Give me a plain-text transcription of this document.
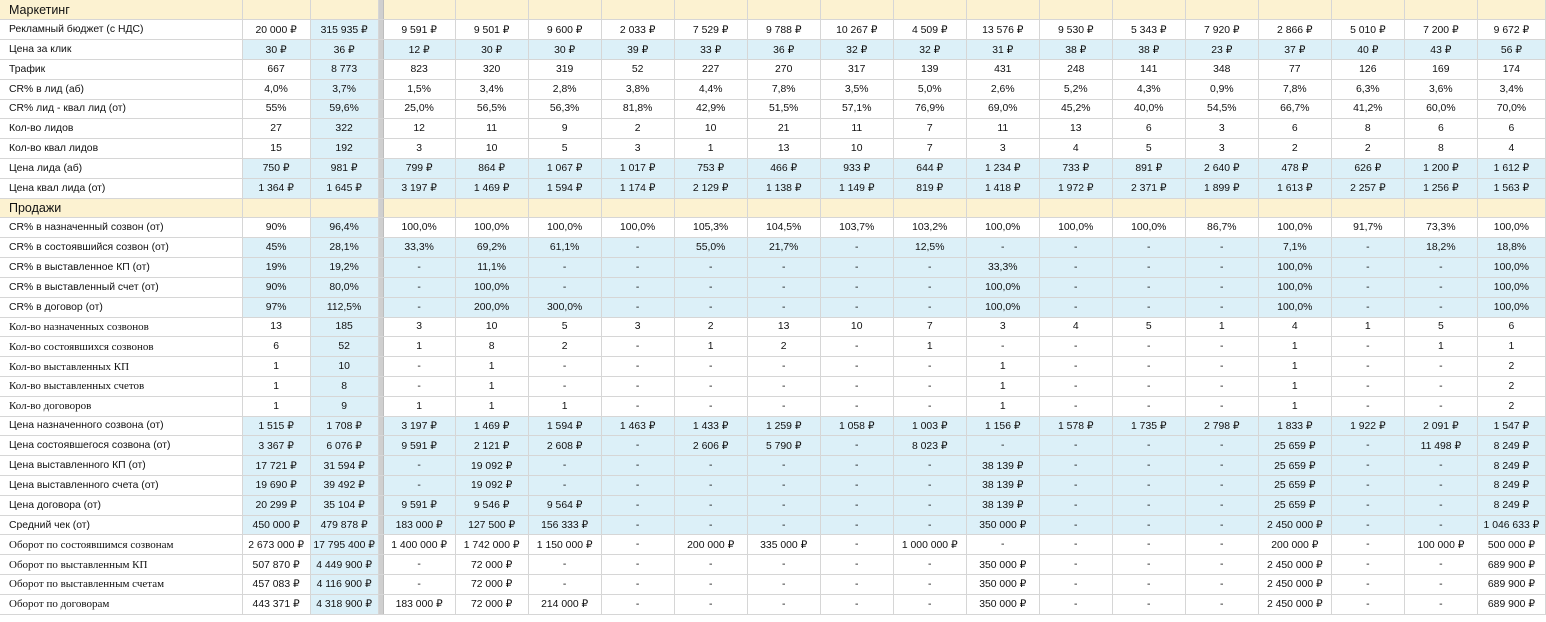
Маркетинг																			
Рекламный бюджет (с НДС)	20 000 ₽	315 935 ₽		9 591 ₽	9 501 ₽	9 600 ₽	2 033 ₽	7 529 ₽	9 788 ₽	10 267 ₽	4 509 ₽	13 576 ₽	9 530 ₽	5 343 ₽	7 920 ₽	2 866 ₽	5 010 ₽	7 200 ₽	9 672 ₽
Цена за клик	30 ₽	36 ₽		12 ₽	30 ₽	30 ₽	39 ₽	33 ₽	36 ₽	32 ₽	32 ₽	31 ₽	38 ₽	38 ₽	23 ₽	37 ₽	40 ₽	43 ₽	56 ₽
Трафик	667	8 773		823	320	319	52	227	270	317	139	431	248	141	348	77	126	169	174
CR% в лид (аб)	4,0%	3,7%		1,5%	3,4%	2,8%	3,8%	4,4%	7,8%	3,5%	5,0%	2,6%	5,2%	4,3%	0,9%	7,8%	6,3%	3,6%	3,4%
CR% лид - квал лид (от)	55%	59,6%		25,0%	56,5%	56,3%	81,8%	42,9%	51,5%	57,1%	76,9%	69,0%	45,2%	40,0%	54,5%	66,7%	41,2%	60,0%	70,0%
Кол-во лидов	27	322		12	11	9	2	10	21	11	7	11	13	6	3	6	8	6	6
Кол-во квал лидов	15	192		3	10	5	3	1	13	10	7	3	4	5	3	2	2	8	4
Цена лида (аб)	750 ₽	981 ₽		799 ₽	864 ₽	1 067 ₽	1 017 ₽	753 ₽	466 ₽	933 ₽	644 ₽	1 234 ₽	733 ₽	891 ₽	2 640 ₽	478 ₽	626 ₽	1 200 ₽	1 612 ₽
Цена квал лида (от)	1 364 ₽	1 645 ₽		3 197 ₽	1 469 ₽	1 594 ₽	1 174 ₽	2 129 ₽	1 138 ₽	1 149 ₽	819 ₽	1 418 ₽	1 972 ₽	2 371 ₽	1 899 ₽	1 613 ₽	2 257 ₽	1 256 ₽	1 563 ₽
Продажи																			
CR% в назначенный созвон (от)	90%	96,4%		100,0%	100,0%	100,0%	100,0%	105,3%	104,5%	103,7%	103,2%	100,0%	100,0%	100,0%	86,7%	100,0%	91,7%	73,3%	100,0%
CR% в состоявшийся созвон (от)	45%	28,1%		33,3%	69,2%	61,1%	-	55,0%	21,7%	-	12,5%	-	-	-	-	7,1%	-	18,2%	18,8%
CR% в выставленное КП (от)	19%	19,2%		-	11,1%	-	-	-	-	-	-	33,3%	-	-	-	100,0%	-	-	100,0%
CR% в выставленный счет (от)	90%	80,0%		-	100,0%	-	-	-	-	-	-	100,0%	-	-	-	100,0%	-	-	100,0%
CR% в договор (от)	97%	112,5%		-	200,0%	300,0%	-	-	-	-	-	100,0%	-	-	-	100,0%	-	-	100,0%
Кол-во назначенных созвонов	13	185		3	10	5	3	2	13	10	7	3	4	5	1	4	1	5	6
Кол-во состоявшихся созвонов	6	52		1	8	2	-	1	2	-	1	-	-	-	-	1	-	1	1
Кол-во выставленных КП	1	10		-	1	-	-	-	-	-	-	1	-	-	-	1	-	-	2
Кол-во выставленных счетов	1	8		-	1	-	-	-	-	-	-	1	-	-	-	1	-	-	2
Кол-во договоров	1	9		1	1	1	-	-	-	-	-	1	-	-	-	1	-	-	2
Цена назначенного созвона (от)	1 515 ₽	1 708 ₽		3 197 ₽	1 469 ₽	1 594 ₽	1 463 ₽	1 433 ₽	1 259 ₽	1 058 ₽	1 003 ₽	1 156 ₽	1 578 ₽	1 735 ₽	2 798 ₽	1 833 ₽	1 922 ₽	2 091 ₽	1 547 ₽
Цена состоявшегося созвона (от)	3 367 ₽	6 076 ₽		9 591 ₽	2 121 ₽	2 608 ₽	-	2 606 ₽	5 790 ₽	-	8 023 ₽	-	-	-	-	25 659 ₽	-	11 498 ₽	8 249 ₽
Цена выставленного КП (от)	17 721 ₽	31 594 ₽		-	19 092 ₽	-	-	-	-	-	-	38 139 ₽	-	-	-	25 659 ₽	-	-	8 249 ₽
Цена выставленного счета (от)	19 690 ₽	39 492 ₽		-	19 092 ₽	-	-	-	-	-	-	38 139 ₽	-	-	-	25 659 ₽	-	-	8 249 ₽
Цена договора (от)	20 299 ₽	35 104 ₽		9 591 ₽	9 546 ₽	9 564 ₽	-	-	-	-	-	38 139 ₽	-	-	-	25 659 ₽	-	-	8 249 ₽
Средний чек (от)	450 000 ₽	479 878 ₽		183 000 ₽	127 500 ₽	156 333 ₽	-	-	-	-	-	350 000 ₽	-	-	-	2 450 000 ₽	-	-	1 046 633 ₽
Оборот по состоявшимся созвонам	2 673 000 ₽	17 795 400 ₽		1 400 000 ₽	1 742 000 ₽	1 150 000 ₽	-	200 000 ₽	335 000 ₽	-	1 000 000 ₽	-	-	-	-	200 000 ₽	-	100 000 ₽	500 000 ₽
Оборот по выставленным КП	507 870 ₽	4 449 900 ₽		-	72 000 ₽	-	-	-	-	-	-	350 000 ₽	-	-	-	2 450 000 ₽	-	-	689 900 ₽
Оборот по выставленным счетам	457 083 ₽	4 116 900 ₽		-	72 000 ₽	-	-	-	-	-	-	350 000 ₽	-	-	-	2 450 000 ₽	-	-	689 900 ₽
Оборот по договорам	443 371 ₽	4 318 900 ₽		183 000 ₽	72 000 ₽	214 000 ₽	-	-	-	-	-	350 000 ₽	-	-	-	2 450 000 ₽	-	-	689 900 ₽
